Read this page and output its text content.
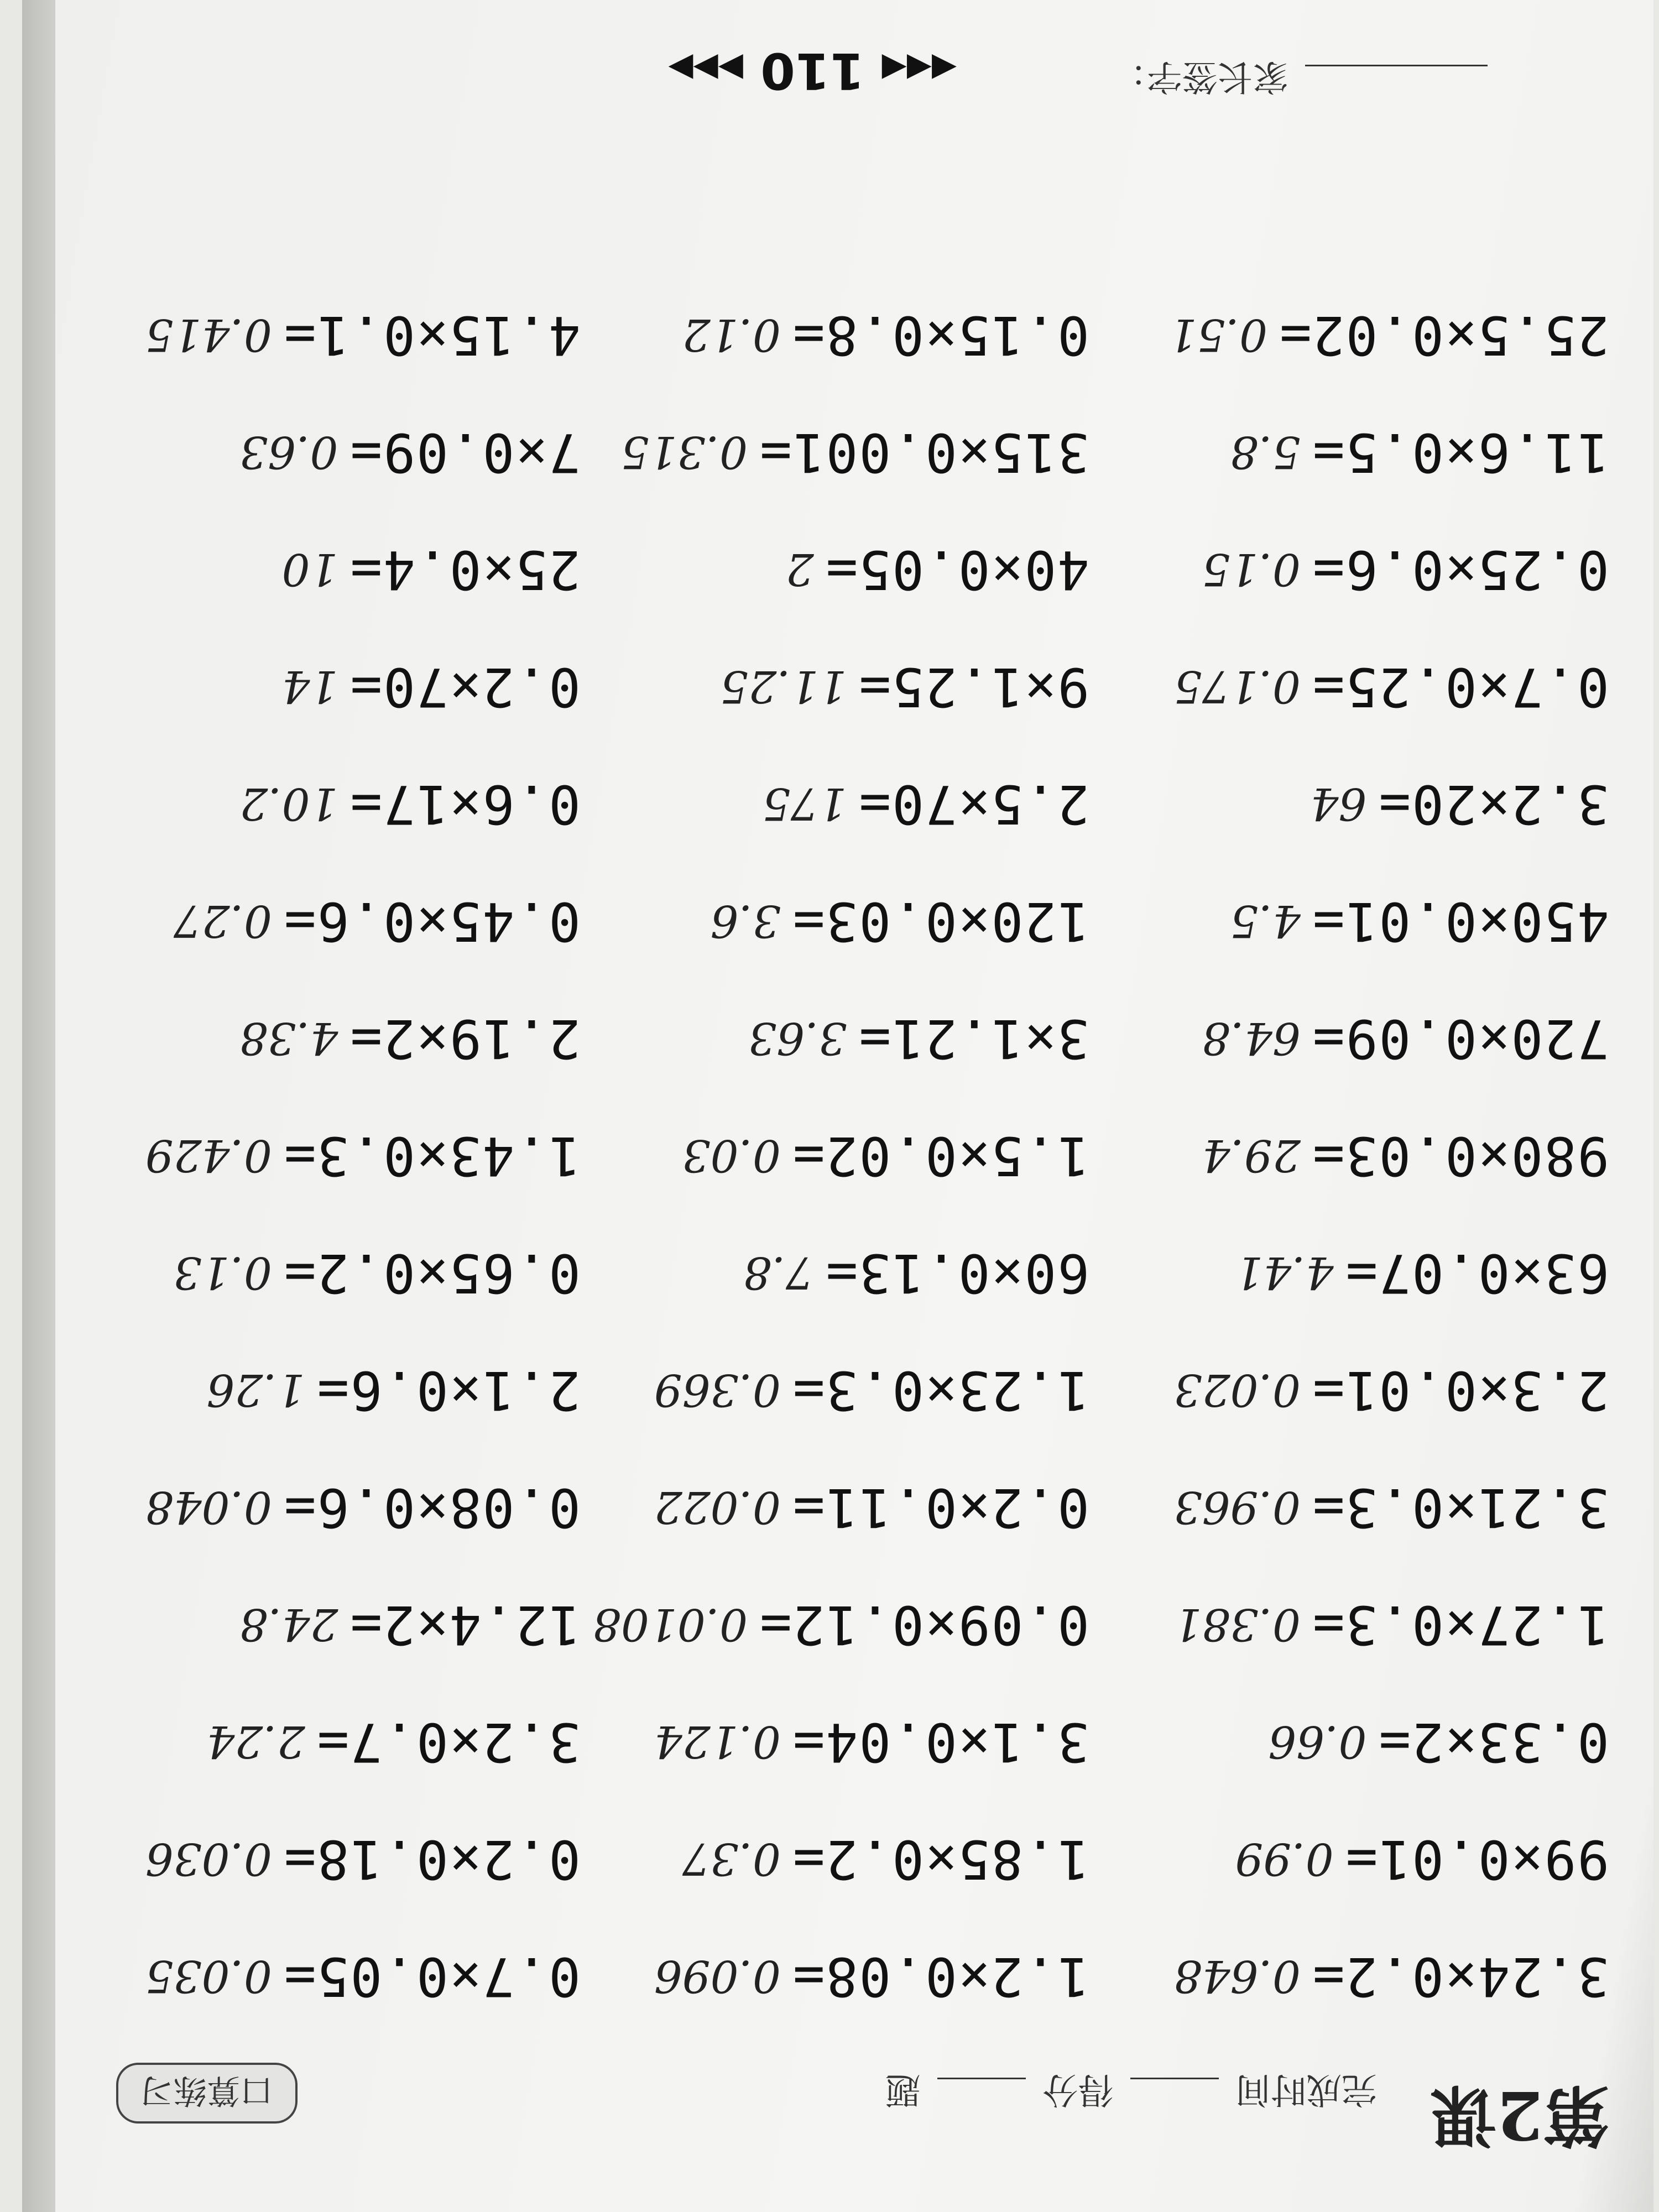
第2课
完成时间  得分  题
口算练习
3.24×0.2=
0.648
99×0.01=
0.99
0.33×2=
0.66
1.27×0.3=
0.381
3.21×0.3=
0.963
2.3×0.01=
0.023
63×0.07=
4.41
980×0.03=
29.4
720×0.09=
64.8
450×0.01=
4.5
3.2×20=
64
0.7×0.25=
0.175
0.25×0.6=
0.15
11.6×0.5=
5.8
25.5×0.02=
0.51
1.2×0.08=
0.096
1.85×0.2=
0.37
3.1×0.04=
0.124
0.09×0.12=
0.0108
0.2×0.11=
0.022
1.23×0.3=
0.369
60×0.13=
7.8
1.5×0.02=
0.03
3×1.21=
3.63
120×0.03=
3.6
2.5×70=
175
9×1.25=
11.25
40×0.05=
2
315×0.001=
0.315
0.15×0.8=
0.12
0.7×0.05=
0.035
0.2×0.18=
0.036
3.2×0.7=
2.24
12.4×2=
24.8
0.08×0.6=
0.048
2.1×0.6=
1.26
0.65×0.2=
0.13
1.43×0.3=
0.429
2.19×2=
4.38
0.45×0.6=
0.27
0.6×17=
10.2
0.2×70=
14
25×0.4=
10
7×0.09=
0.63
4.15×0.1=
0.415
家长签字：
◂◂◂ 110 ▸▸▸
